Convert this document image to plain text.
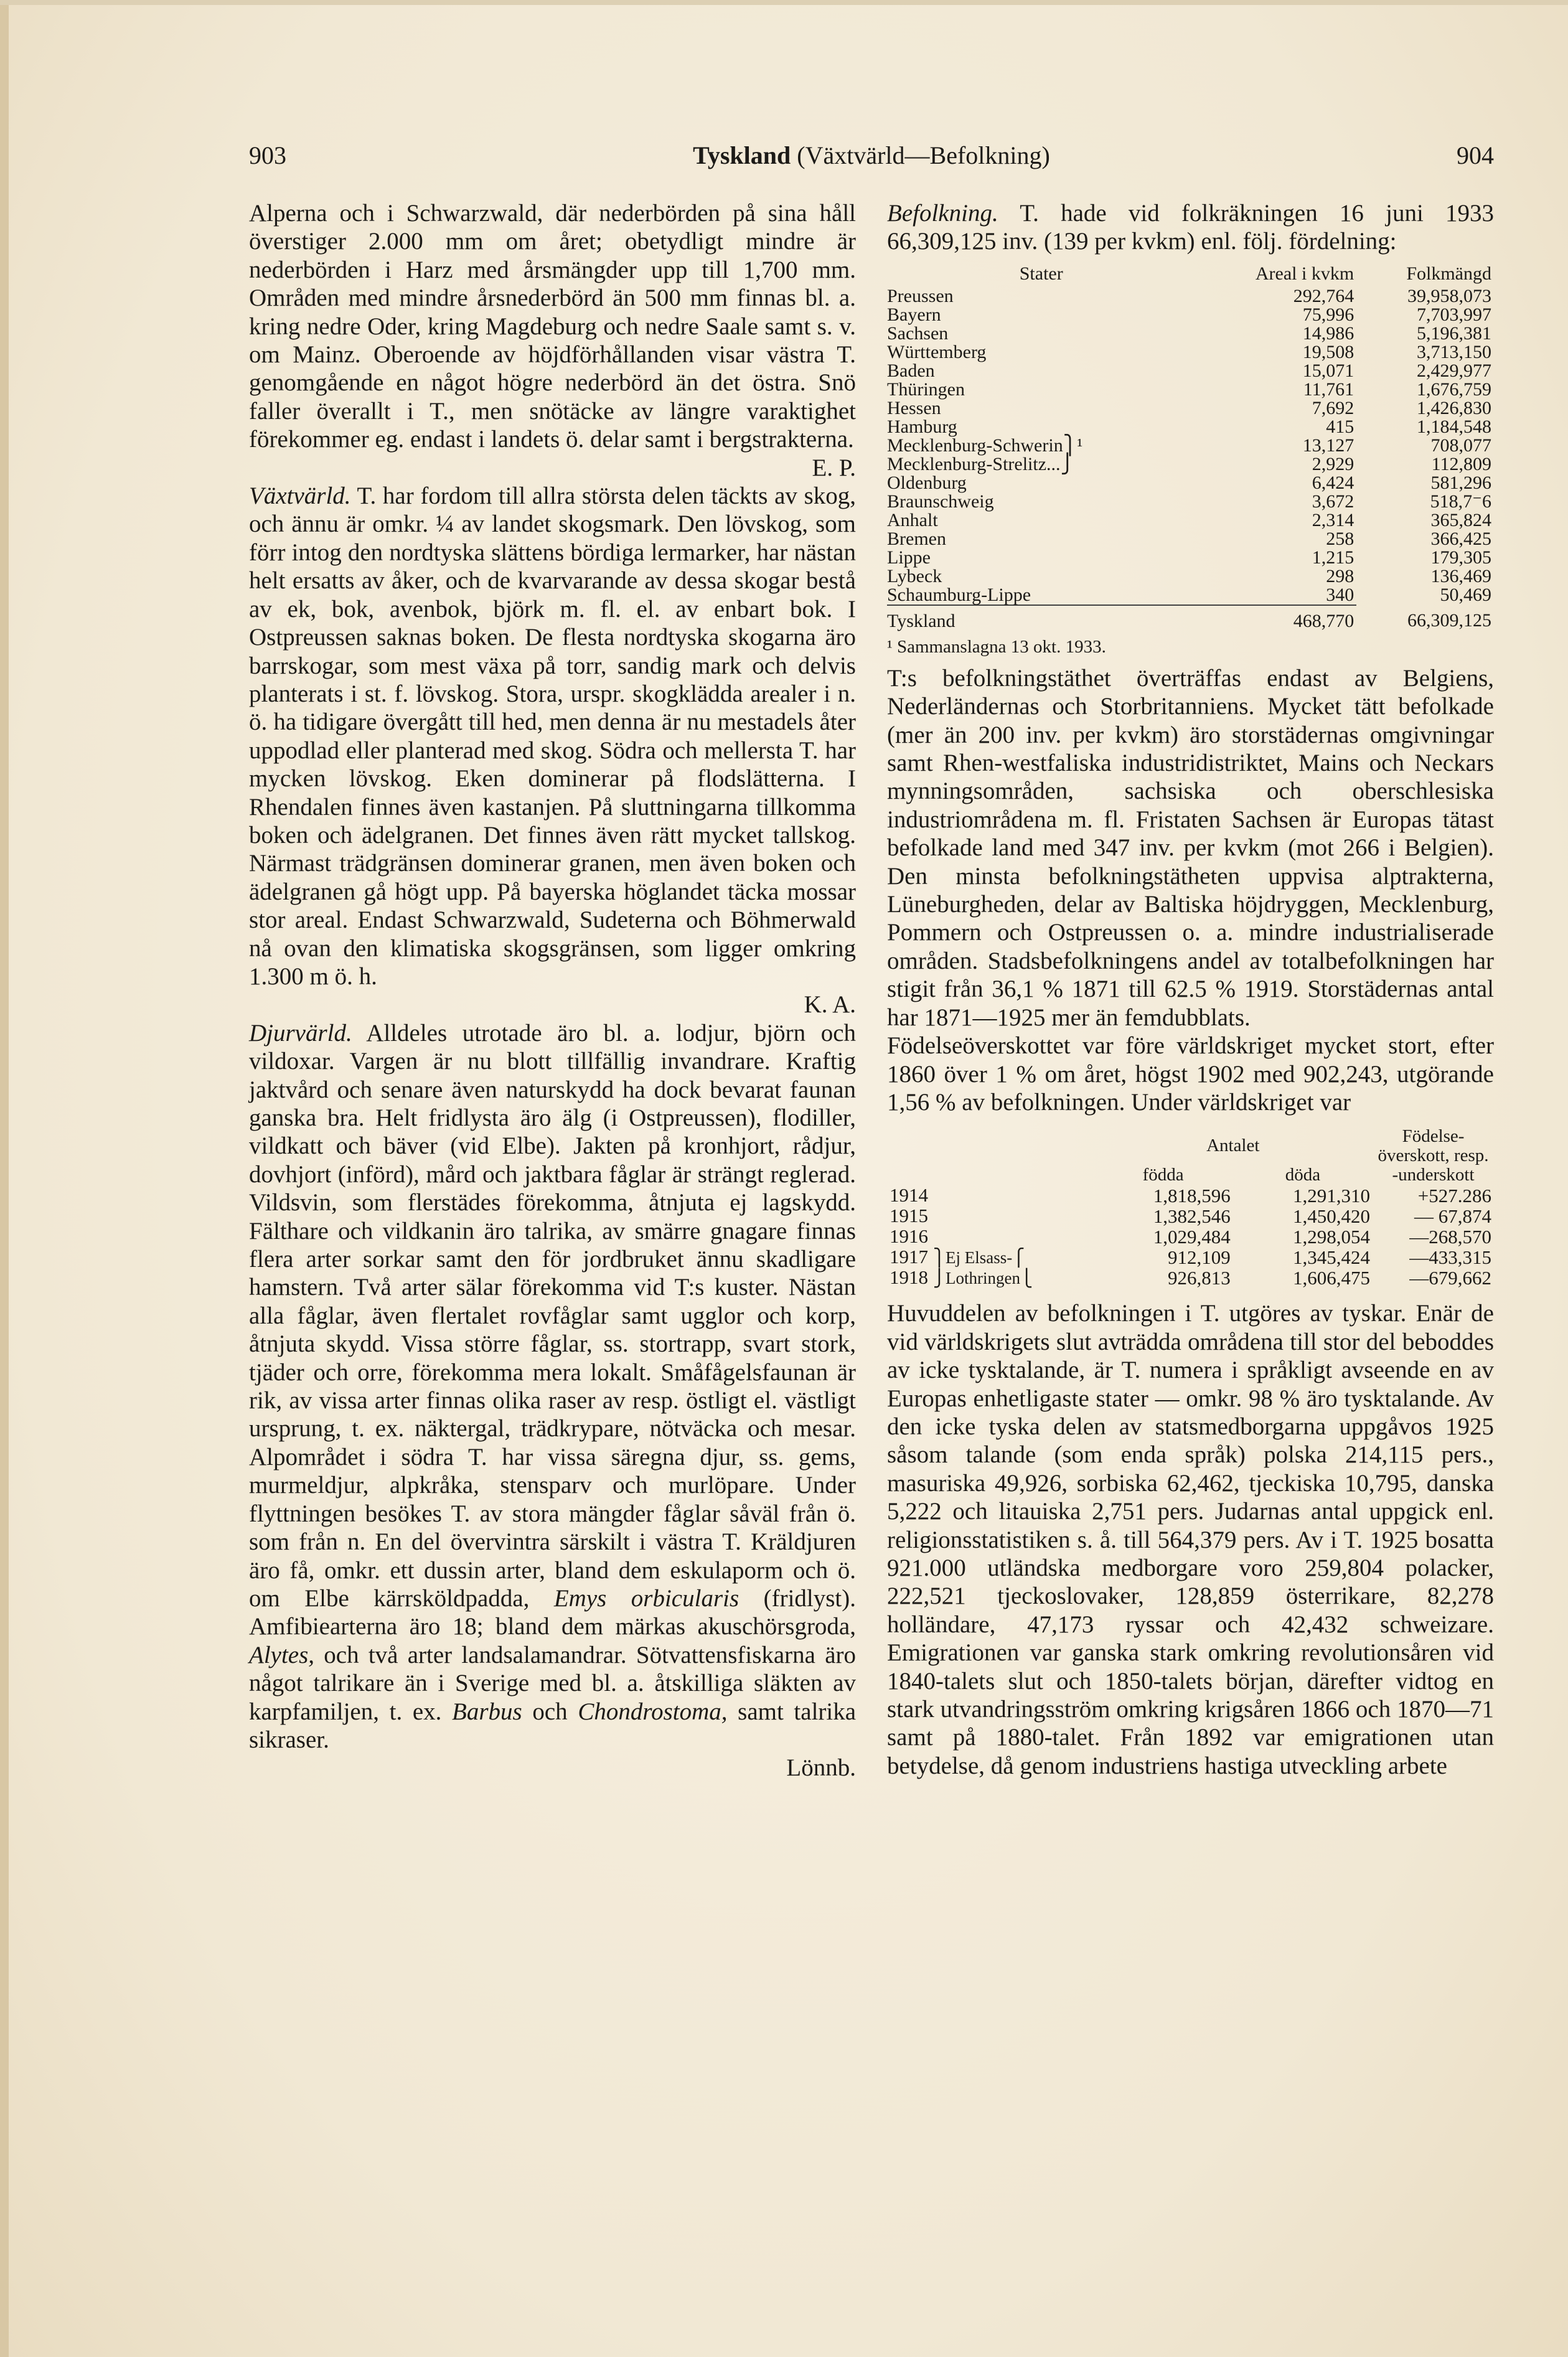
903	Tyskland (Växtvärld—Befolkning)	904

Alperna och i Schwarzwald, där nederbörden på sina håll överstiger 2.000 mm om året; obetydligt mindre är nederbörden i Harz med årsmängder upp till 1,700 mm. Områden med mindre årsnederbörd än 500 mm finnas bl. a. kring nedre Oder, kring Magdeburg och nedre Saale samt s. v. om Mainz. Oberoende av höjdförhållanden visar västra T. genomgående en något högre nederbörd än det östra. Snö faller överallt i T., men snötäcke av längre varaktighet förekommer eg. endast i landets ö. delar samt i bergstrakterna.
E. P.

Växtvärld. T. har fordom till allra största delen täckts av skog, och ännu är omkr. ¼ av landet skogsmark. Den lövskog, som förr intog den nordtyska slättens bördiga lermarker, har nästan helt ersatts av åker, och de kvarvarande av dessa skogar bestå av ek, bok, avenbok, björk m. fl. el. av enbart bok. I Ostpreussen saknas boken. De flesta nordtyska skogarna äro barrskogar, som mest växa på torr, sandig mark och delvis planterats i st. f. lövskog. Stora, urspr. skogklädda arealer i n. ö. ha tidigare övergått till hed, men denna är nu mestadels åter uppodlad eller planterad med skog. Södra och mellersta T. har mycken lövskog. Eken dominerar på flodslätterna. I Rhendalen finnes även kastanjen. På sluttningarna tillkomma boken och ädelgranen. Det finnes även rätt mycket tallskog. Närmast trädgränsen dominerar granen, men även boken och ädelgranen gå högt upp. På bayerska höglandet täcka mossar stor areal. Endast Schwarzwald, Sudeterna och Böhmerwald nå ovan den klimatiska skogsgränsen, som ligger omkring 1.300 m ö. h.
K. A.

Djurvärld. Alldeles utrotade äro bl. a. lodjur, björn och vildoxar. Vargen är nu blott tillfällig invandrare. Kraftig jaktvård och senare även naturskydd ha dock bevarat faunan ganska bra. Helt fridlysta äro älg (i Ostpreussen), flodiller, vildkatt och bäver (vid Elbe). Jakten på kronhjort, rådjur, dovhjort (införd), mård och jaktbara fåglar är strängt reglerad. Vildsvin, som flerstädes förekomma, åtnjuta ej lagskydd. Fälthare och vildkanin äro talrika, av smärre gnagare finnas flera arter sorkar samt den för jordbruket ännu skadligare hamstern. Två arter sälar förekomma vid T:s kuster. Nästan alla fåglar, även flertalet rovfåglar samt ugglor och korp, åtnjuta skydd. Vissa större fåglar, ss. stortrapp, svart stork, tjäder och orre, förekomma mera lokalt. Småfågelsfaunan är rik, av vissa arter finnas olika raser av resp. östligt el. västligt ursprung, t. ex. näktergal, trädkrypare, nötväcka och mesar. Alpområdet i södra T. har vissa säregna djur, ss. gems, murmeldjur, alpkråka, stensparv och murlöpare. Under flyttningen besökes T. av stora mängder fåglar såväl från ö. som från n. En del övervintra särskilt i västra T. Kräldjuren äro få, omkr. ett dussin arter, bland dem eskulaporm och ö. om Elbe kärrsköldpadda, Emys orbicularis (fridlyst). Amfibiearterna äro 18; bland dem märkas akuschörsgroda, Alytes, och två arter landsalamandrar. Sötvattensfiskarna äro något talrikare än i Sverige med bl. a. åtskilliga släkten av karpfamiljen, t. ex. Barbus och Chondrostoma, samt talrika sikraser.
Lönnb.

Befolkning. T. hade vid folkräkningen 16 juni 1933 66,309,125 inv. (139 per kvkm) enl. följ. fördelning:

Stater	Areal i kvkm	Folkmängd
Preussen	292,764	39,958,073
Bayern	75,996	7,703,997
Sachsen	14,986	5,196,381
Württemberg	19,508	3,713,150
Baden	15,071	2,429,977
Thüringen	11,761	1,676,759
Hessen	7,692	1,426,830
Hamburg	415	1,184,548
Mecklenburg-Schwerin⎫¹	13,127	708,077
Mecklenburg-Strelitz...⎭	2,929	112,809
Oldenburg	6,424	581,296
Braunschweig	3,672	518,7⁻6
Anhalt	2,314	365,824
Bremen	258	366,425
Lippe	1,215	179,305
Lybeck	298	136,469
Schaumburg-Lippe	340	50,469
Tyskland	468,770	66,309,125
¹ Sammanslagna 13 okt. 1933.

T:s befolkningstäthet överträffas endast av Belgiens, Nederländernas och Storbritanniens. Mycket tätt befolkade (mer än 200 inv. per kvkm) äro storstädernas omgivningar samt Rhen-westfaliska industridistriktet, Mains och Neckars mynningsområden, sachsiska och oberschlesiska industriområdena m. fl. Fristaten Sachsen är Europas tätast befolkade land med 347 inv. per kvkm (mot 266 i Belgien). Den minsta befolkningstätheten uppvisa alptrakterna, Lüneburgheden, delar av Baltiska höjdryggen, Mecklenburg, Pommern och Ostpreussen o. a. mindre industrialiserade områden. Stadsbefolkningens andel av totalbefolkningen har stigit från 36,1 % 1871 till 62.5 % 1919. Storstädernas antal har 1871—1925 mer än femdubblats.

Födelseöverskottet var före världskriget mycket stort, efter 1860 över 1 % om året, högst 1902 med 902,243, utgörande 1,56 % av befolkningen. Under världskriget var

	Antalet		Födelse-överskott, resp. -underskott
	födda	döda	
1914	1,818,596	1,291,310	+527.286
1915	1,382,546	1,450,420	— 67,874
1916	1,029,484	1,298,054	—268,570
1917 ⎫Ej Elsass-⎧	912,109	1,345,424	—433,315
1918 ⎭Lothringen⎩	926,813	1,606,475	—679,662

Huvuddelen av befolkningen i T. utgöres av tyskar. Enär de vid världskrigets slut avträdda områdena till stor del beboddes av icke tysktalande, är T. numera i språkligt avseende en av Europas enhetligaste stater — omkr. 98 % äro tysktalande. Av den icke tyska delen av statsmedborgarna uppgåvos 1925 såsom talande (som enda språk) polska 214,115 pers., masuriska 49,926, sorbiska 62,462, tjeckiska 10,795, danska 5,222 och litauiska 2,751 pers. Judarnas antal uppgick enl. religionsstatistiken s. å. till 564,379 pers. Av i T. 1925 bosatta 921.000 utländska medborgare voro 259,804 polacker, 222,521 tjeckoslovaker, 128,859 österrikare, 82,278 holländare, 47,173 ryssar och 42,432 schweizare. Emigrationen var ganska stark omkring revolutionsåren vid 1840-talets slut och 1850-talets början, därefter vidtog en stark utvandringsström omkring krigsåren 1866 och 1870—71 samt på 1880-talet. Från 1892 var emigrationen utan betydelse, då genom industriens hastiga utveckling arbete
